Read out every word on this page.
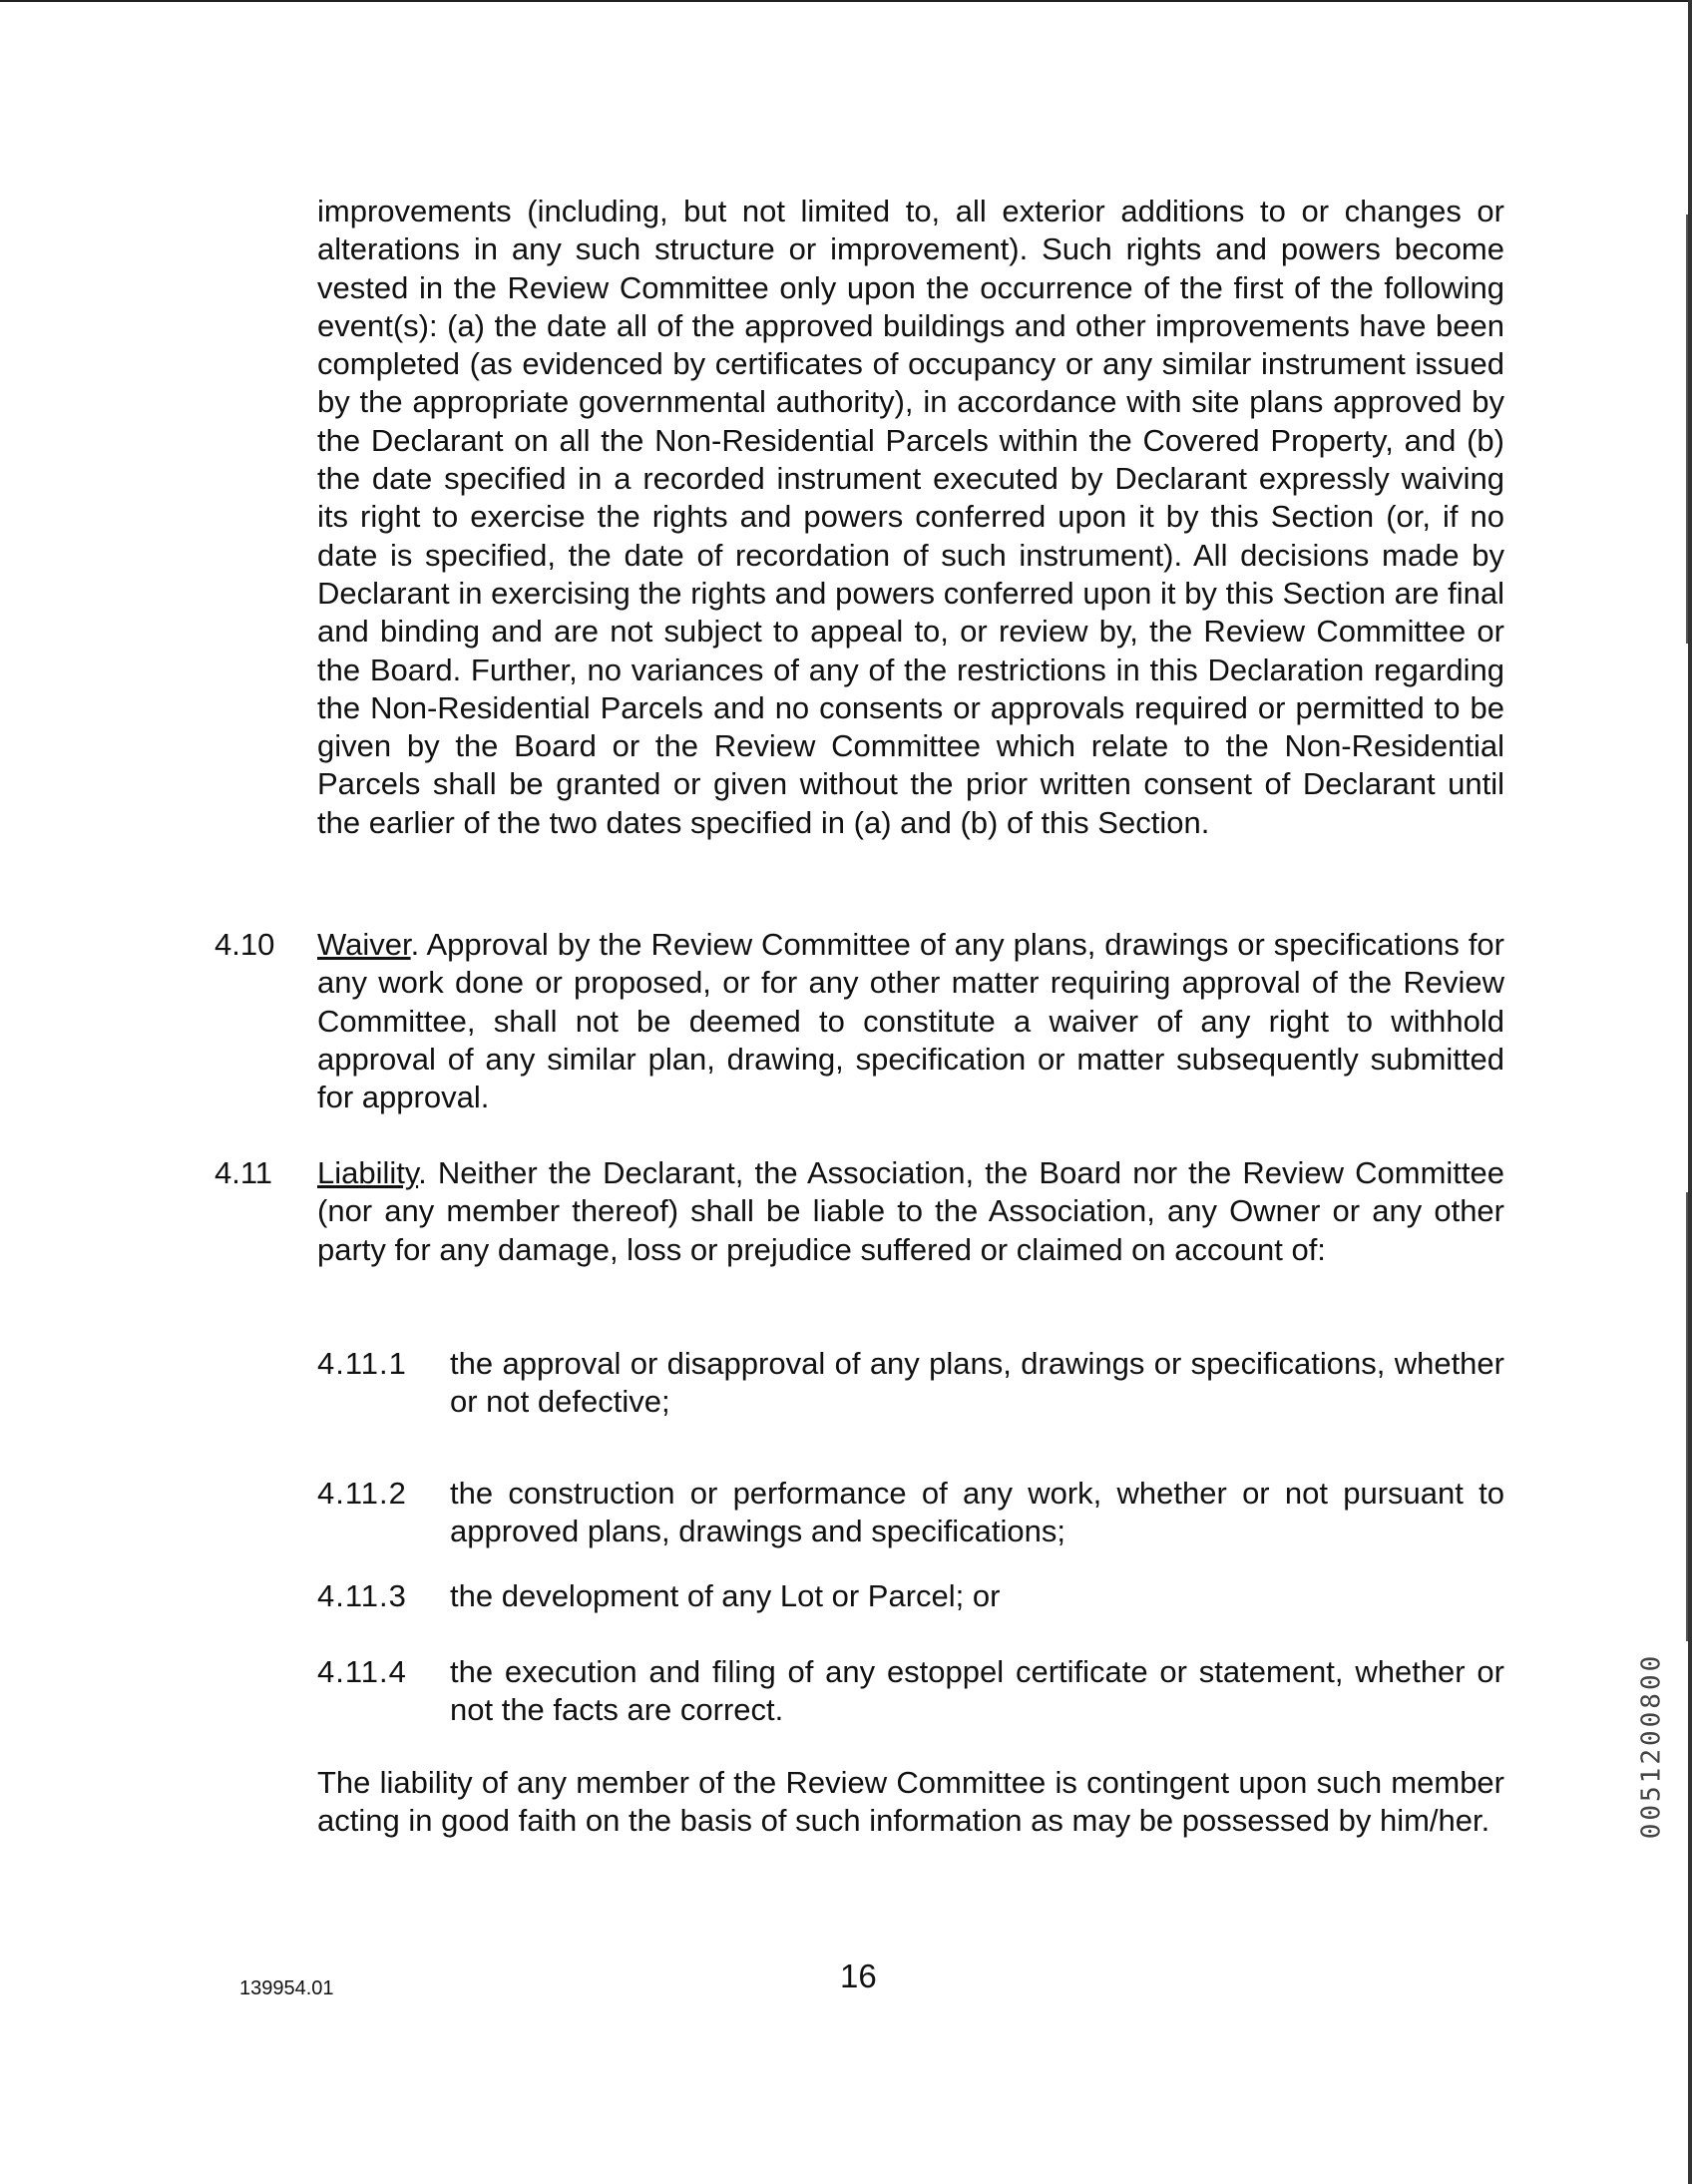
improvements (including, but not limited to, all exterior additions to or changes or alterations in any such structure or improvement). Such rights and powers become vested in the Review Committee only upon the occurrence of the first of the following event(s): (a) the date all of the approved buildings and other improvements have been completed (as evidenced by certificates of occupancy or any similar instrument issued by the appropriate governmental authority), in accordance with site plans approved by the Declarant on all the Non-Residential Parcels within the Covered Property, and (b) the date specified in a recorded instrument executed by Declarant expressly waiving its right to exercise the rights and powers conferred upon it by this Section (or, if no date is specified, the date of recordation of such instrument). All decisions made by Declarant in exercising the rights and powers conferred upon it by this Section are final and binding and are not subject to appeal to, or review by, the Review Committee or the Board. Further, no variances of any of the restrictions in this Declaration regarding the Non-Residential Parcels and no consents or approvals required or permitted to be given by the Board or the Review Committee which relate to the Non-Residential Parcels shall be granted or given without the prior written consent of Declarant until the earlier of the two dates specified in (a) and (b) of this Section.
4.10 Waiver. Approval by the Review Committee of any plans, drawings or specifications for any work done or proposed, or for any other matter requiring approval of the Review Committee, shall not be deemed to constitute a waiver of any right to withhold approval of any similar plan, drawing, specification or matter subsequently submitted for approval.
4.11 Liability. Neither the Declarant, the Association, the Board nor the Review Committee (nor any member thereof) shall be liable to the Association, any Owner or any other party for any damage, loss or prejudice suffered or claimed on account of:
4.11.1 the approval or disapproval of any plans, drawings or specifications, whether or not defective;
4.11.2 the construction or performance of any work, whether or not pursuant to approved plans, drawings and specifications;
4.11.3 the development of any Lot or Parcel; or
4.11.4 the execution and filing of any estoppel certificate or statement, whether or not the facts are correct.
The liability of any member of the Review Committee is contingent upon such member acting in good faith on the basis of such information as may be possessed by him/her.
139954.01	16
0051200800
